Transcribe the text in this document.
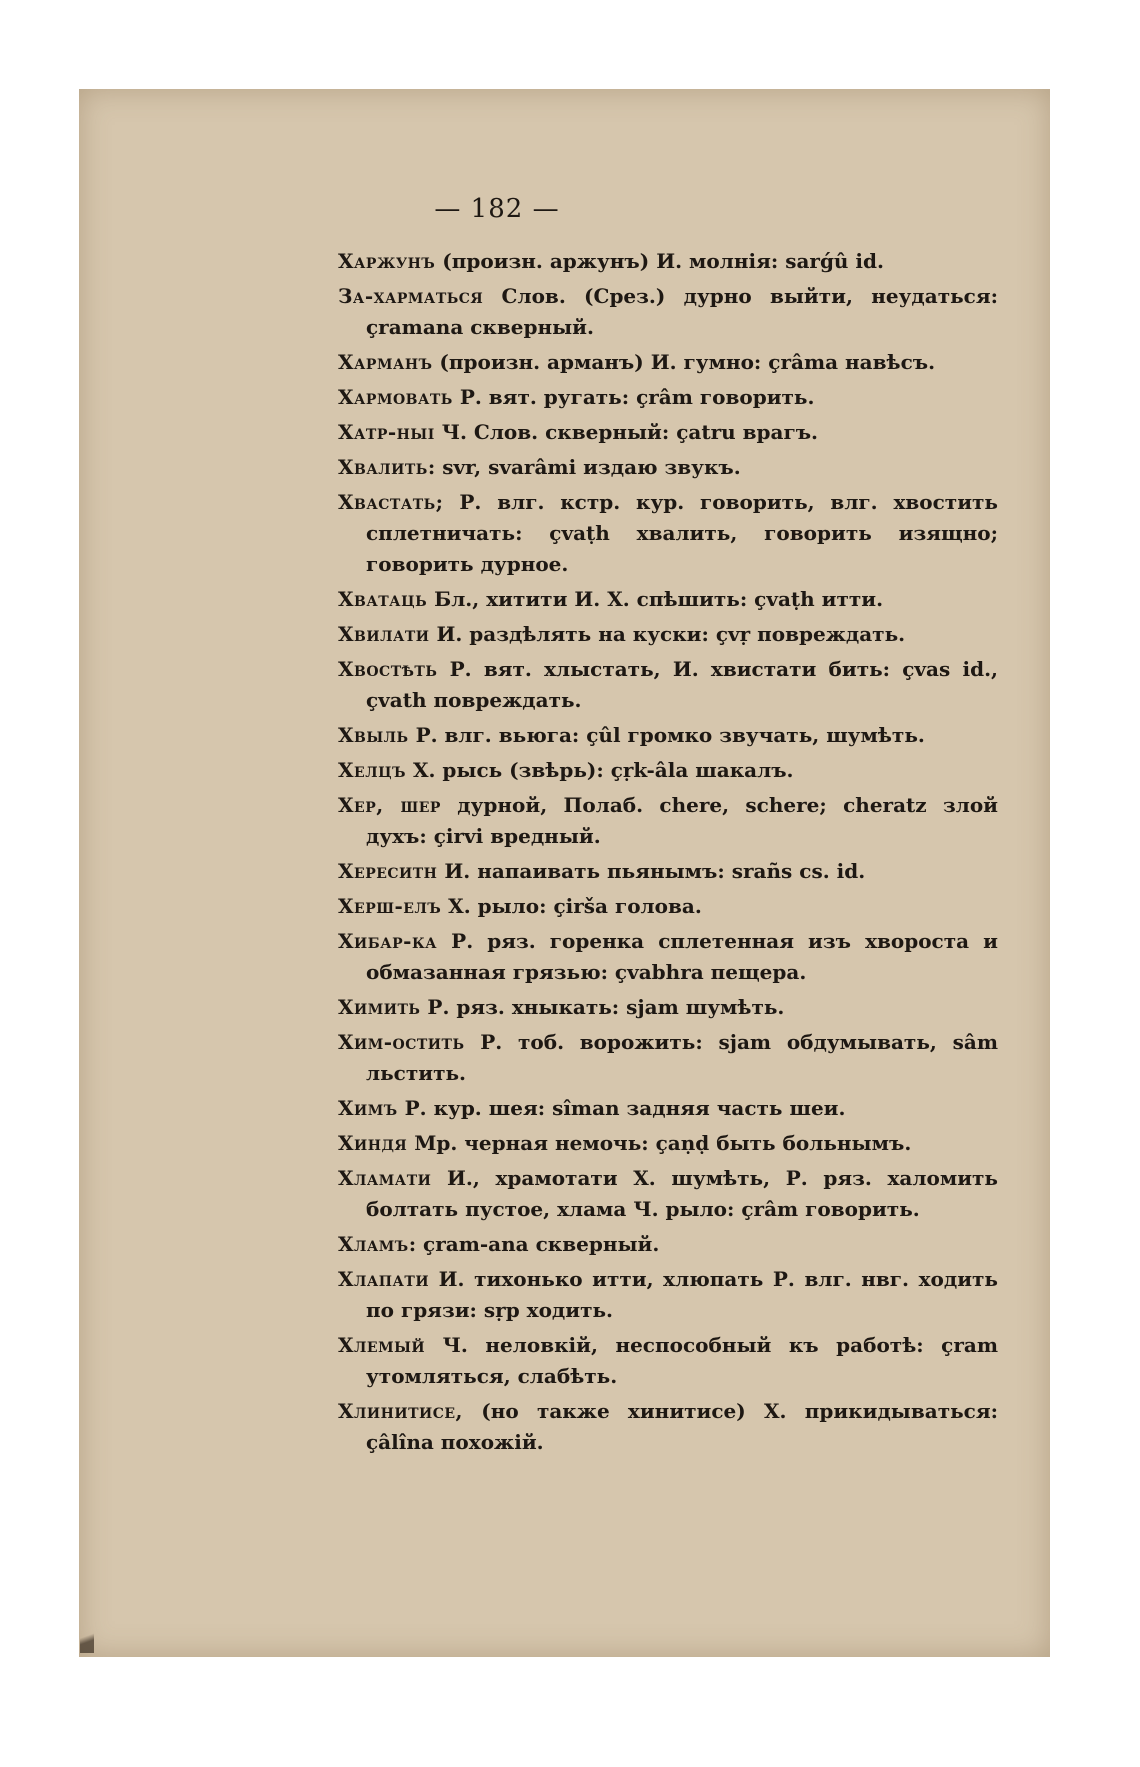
— 182 —

Харжунъ (произн. аржунъ) И. молнія: sarǵû id.

За-харматься Слов. (Срез.) дурно выйти, неудаться: çramana скверный.

Харманъ (произн. арманъ) И. гумно: çrâma навѣсъ.

Хармовать Р. вят. ругать: çrâm говорить.

Хатр-ныі Ч. Слов. скверный: çatru врагъ.

Хвалить: svr, svarâmi издаю звукъ.

Хвастать; Р. влг. кстр. кур. говорить, влг. хвостить сплетничать: çvaṭh хвалить, говорить изящно; говорить дурное.

Хватаць Бл., хитити И. Х. спѣшить: çvaṭh итти.

Хвилати И. раздѣлять на куски: çvṛ повреждать.

Хвостѣть Р. вят. хлыстать, И. хвистати бить: çvas id., çvath повреждать.

Хвыль Р. влг. вьюга: çûl громко звучать, шумѣть.

Хелцъ Х. рысь (звѣрь): çṛk-âla шакалъ.

Хер, шер дурной, Полаб. chere, schere; cheratz злой духъ: çirvi вредный.

Хереситн И. напаивать пьянымъ: srañs cs. id.

Херш-елъ Х. рыло: çirša голова.

Хибар-ка Р. ряз. горенка сплетенная изъ хвороста и обмазанная грязью: çvabhra пещера.

Химить Р. ряз. хныкать: sjam шумѣть.

Хим-остить Р. тоб. ворожить: sjam обдумывать, sâm льстить.

Химъ Р. кур. шея: sîman задняя часть шеи.

Хиндя Мр. черная немочь: çaṇḍ быть больнымъ.

Хламати И., храмотати Х. шумѣть, Р. ряз. халомить болтать пустое, хлама Ч. рыло: çrâm говорить.

Хламъ: çram-ana скверный.

Хлапати И. тихонько итти, хлюпать Р. влг. нвг. ходить по грязи: sṛp ходить.

Хлемый Ч. неловкій, неспособный къ работѣ: çram утомляться, слабѣть.

Хлинитисе, (но также хинитисе) Х. прикидываться: çâlîna похожій.
